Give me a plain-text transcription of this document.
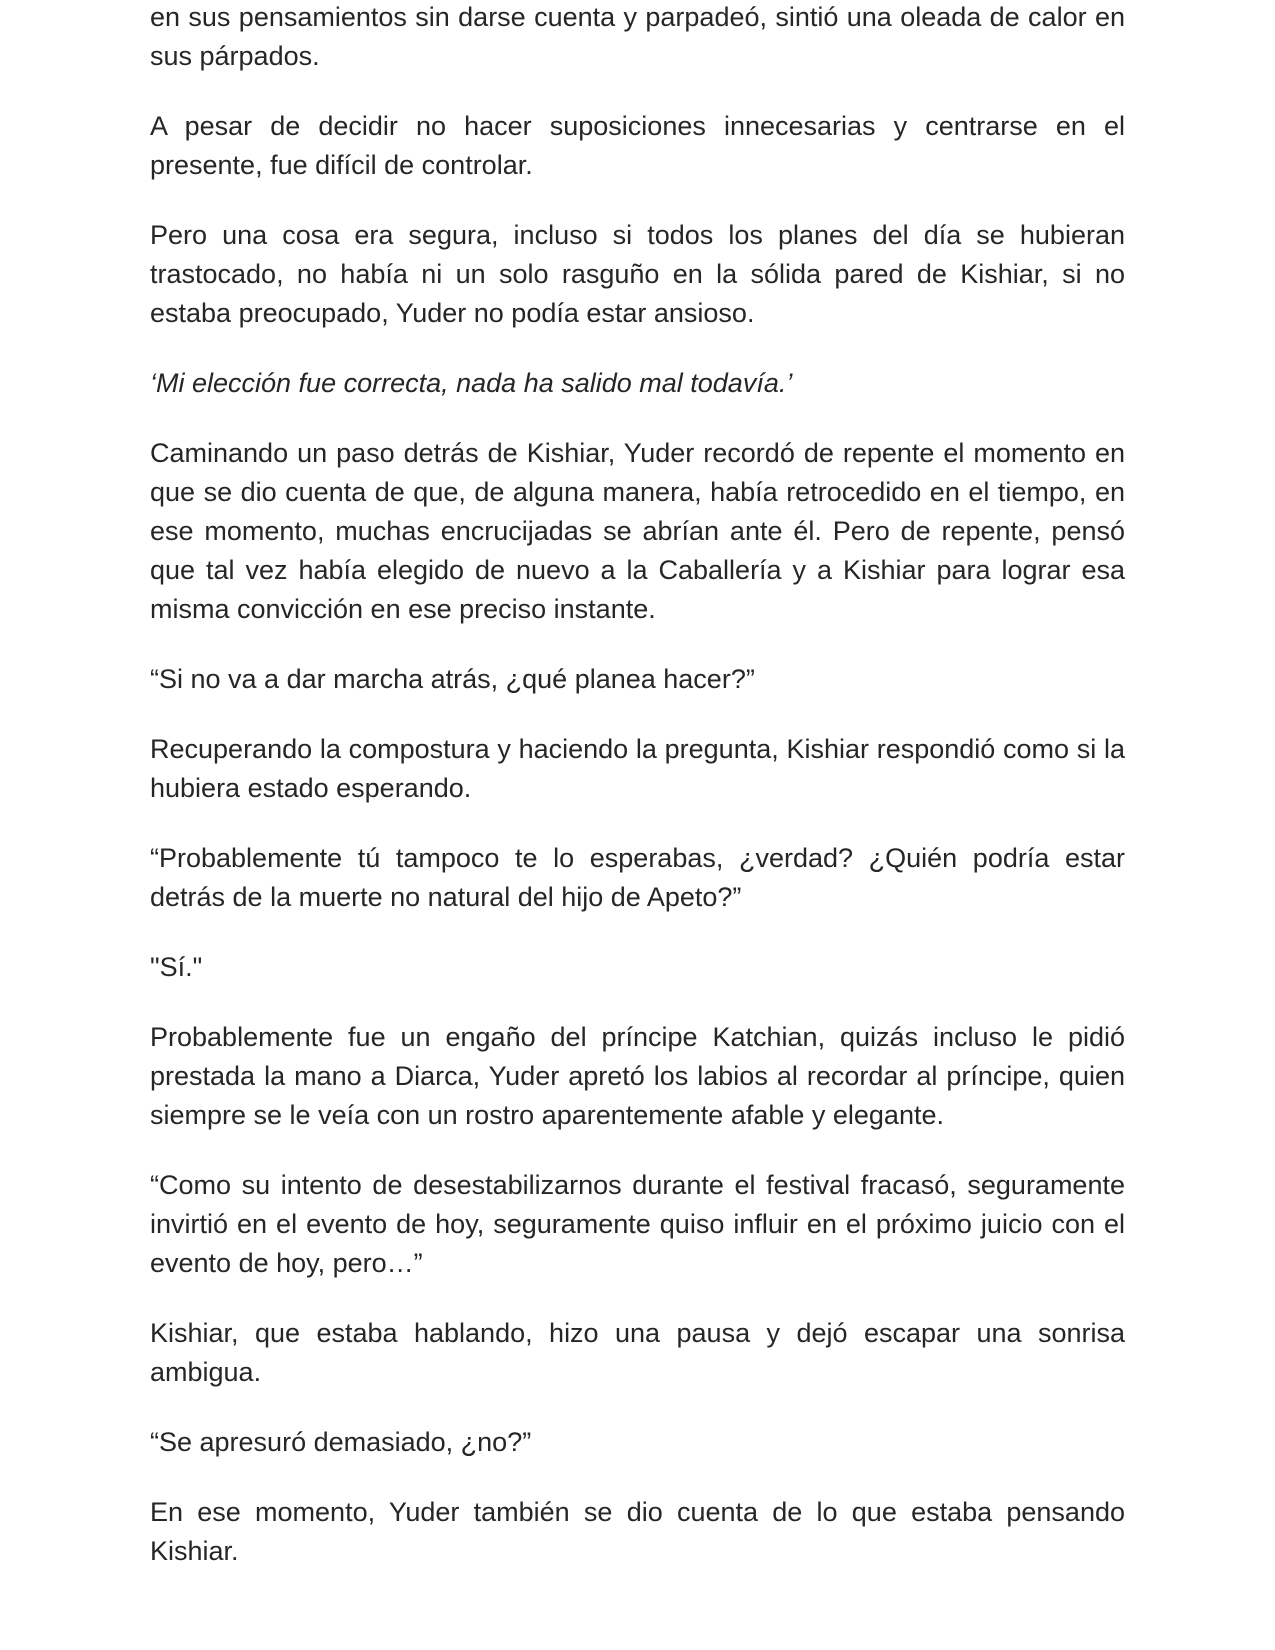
en sus pensamientos sin darse cuenta y parpadeó, sintió una oleada de calor en sus párpados.

A pesar de decidir no hacer suposiciones innecesarias y centrarse en el presente, fue difícil de controlar.

Pero una cosa era segura, incluso si todos los planes del día se hubieran trastocado, no había ni un solo rasguño en la sólida pared de Kishiar, si no estaba preocupado, Yuder no podía estar ansioso.

‘Mi elección fue correcta, nada ha salido mal todavía.’

Caminando un paso detrás de Kishiar, Yuder recordó de repente el momento en que se dio cuenta de que, de alguna manera, había retrocedido en el tiempo, en ese momento, muchas encrucijadas se abrían ante él. Pero de repente, pensó que tal vez había elegido de nuevo a la Caballería y a Kishiar para lograr esa misma convicción en ese preciso instante.

“Si no va a dar marcha atrás, ¿qué planea hacer?”

Recuperando la compostura y haciendo la pregunta, Kishiar respondió como si la hubiera estado esperando.

“Probablemente tú tampoco te lo esperabas, ¿verdad? ¿Quién podría estar detrás de la muerte no natural del hijo de Apeto?”

"Sí."

Probablemente fue un engaño del príncipe Katchian, quizás incluso le pidió prestada la mano a Diarca, Yuder apretó los labios al recordar al príncipe, quien siempre se le veía con un rostro aparentemente afable y elegante.

“Como su intento de desestabilizarnos durante el festival fracasó, seguramente invirtió en el evento de hoy, seguramente quiso influir en el próximo juicio con el evento de hoy, pero…”

Kishiar, que estaba hablando, hizo una pausa y dejó escapar una sonrisa ambigua.

“Se apresuró demasiado, ¿no?”

En ese momento, Yuder también se dio cuenta de lo que estaba pensando Kishiar.
